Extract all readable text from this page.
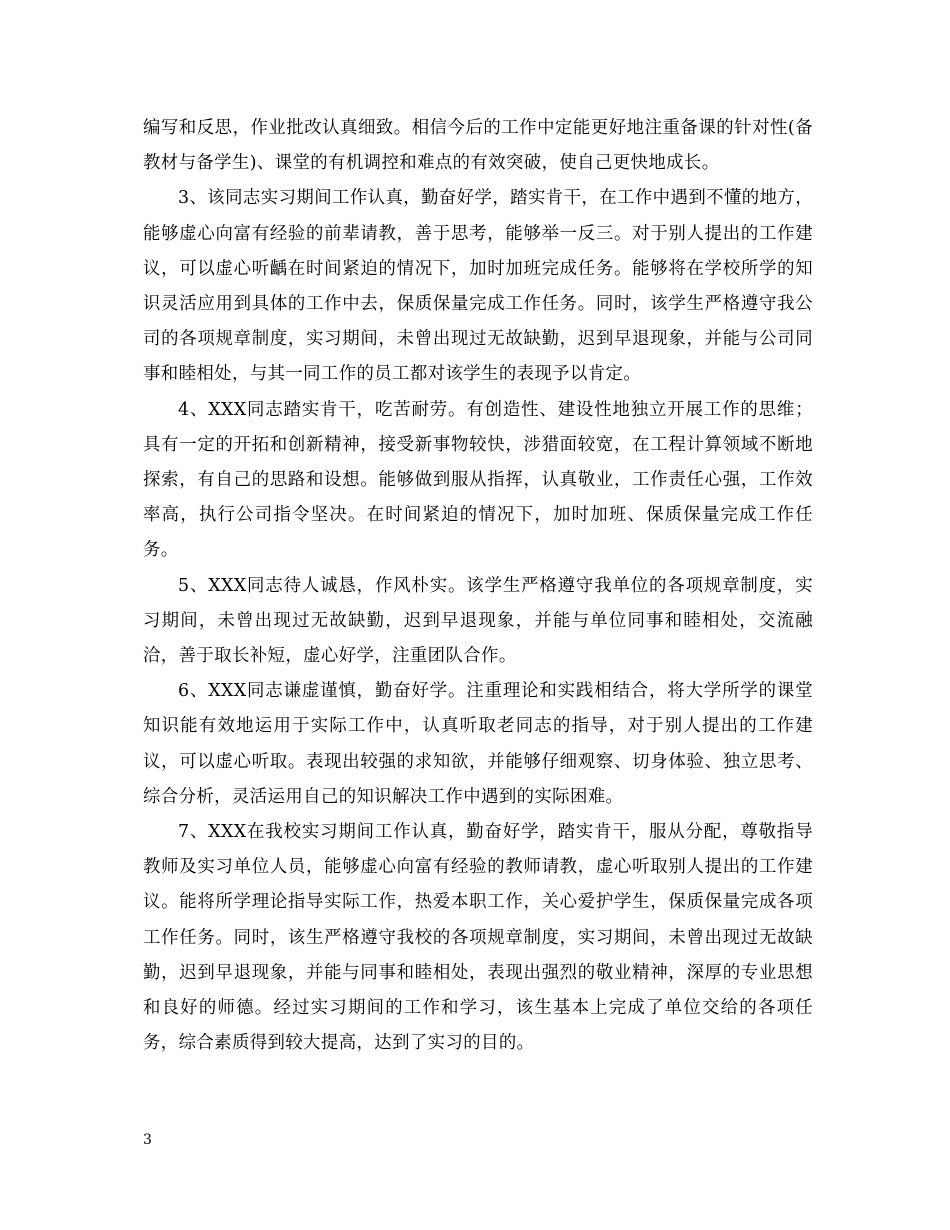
编写和反思，作业批改认真细致。相信今后的工作中定能更好地注重备课的针对性(备教材与备学生)、课堂的有机调控和难点的有效突破，使自己更快地成长。

3、该同志实习期间工作认真，勤奋好学，踏实肯干，在工作中遇到不懂的地方，能够虚心向富有经验的前辈请教，善于思考，能够举一反三。对于别人提出的工作建议，可以虚心听齲在时间紧迫的情况下，加时加班完成任务。能够将在学校所学的知识灵活应用到具体的工作中去，保质保量完成工作任务。同时，该学生严格遵守我公司的各项规章制度，实习期间，未曾出现过无故缺勤，迟到早退现象，并能与公司同事和睦相处，与其一同工作的员工都对该学生的表现予以肯定。

4、XXX同志踏实肯干，吃苦耐劳。有创造性、建设性地独立开展工作的思维；具有一定的开拓和创新精神，接受新事物较快，涉猎面较宽，在工程计算领域不断地探索，有自己的思路和设想。能够做到服从指挥，认真敬业，工作责任心强，工作效率高，执行公司指令坚决。在时间紧迫的情况下，加时加班、保质保量完成工作任务。

5、XXX同志待人诚恳，作风朴实。该学生严格遵守我单位的各项规章制度，实习期间，未曾出现过无故缺勤，迟到早退现象，并能与单位同事和睦相处，交流融洽，善于取长补短，虚心好学，注重团队合作。

6、XXX同志谦虚谨慎，勤奋好学。注重理论和实践相结合，将大学所学的课堂知识能有效地运用于实际工作中，认真听取老同志的指导，对于别人提出的工作建议，可以虚心听取。表现出较强的求知欲，并能够仔细观察、切身体验、独立思考、综合分析，灵活运用自己的知识解决工作中遇到的实际困难。

7、XXX在我校实习期间工作认真，勤奋好学，踏实肯干，服从分配，尊敬指导教师及实习单位人员，能够虚心向富有经验的教师请教，虚心听取别人提出的工作建议。能将所学理论指导实际工作，热爱本职工作，关心爱护学生，保质保量完成各项工作任务。同时，该生严格遵守我校的各项规章制度，实习期间，未曾出现过无故缺勤，迟到早退现象，并能与同事和睦相处，表现出强烈的敬业精神，深厚的专业思想和良好的师德。经过实习期间的工作和学习，该生基本上完成了单位交给的各项任务，综合素质得到较大提高，达到了实习的目的。

3
